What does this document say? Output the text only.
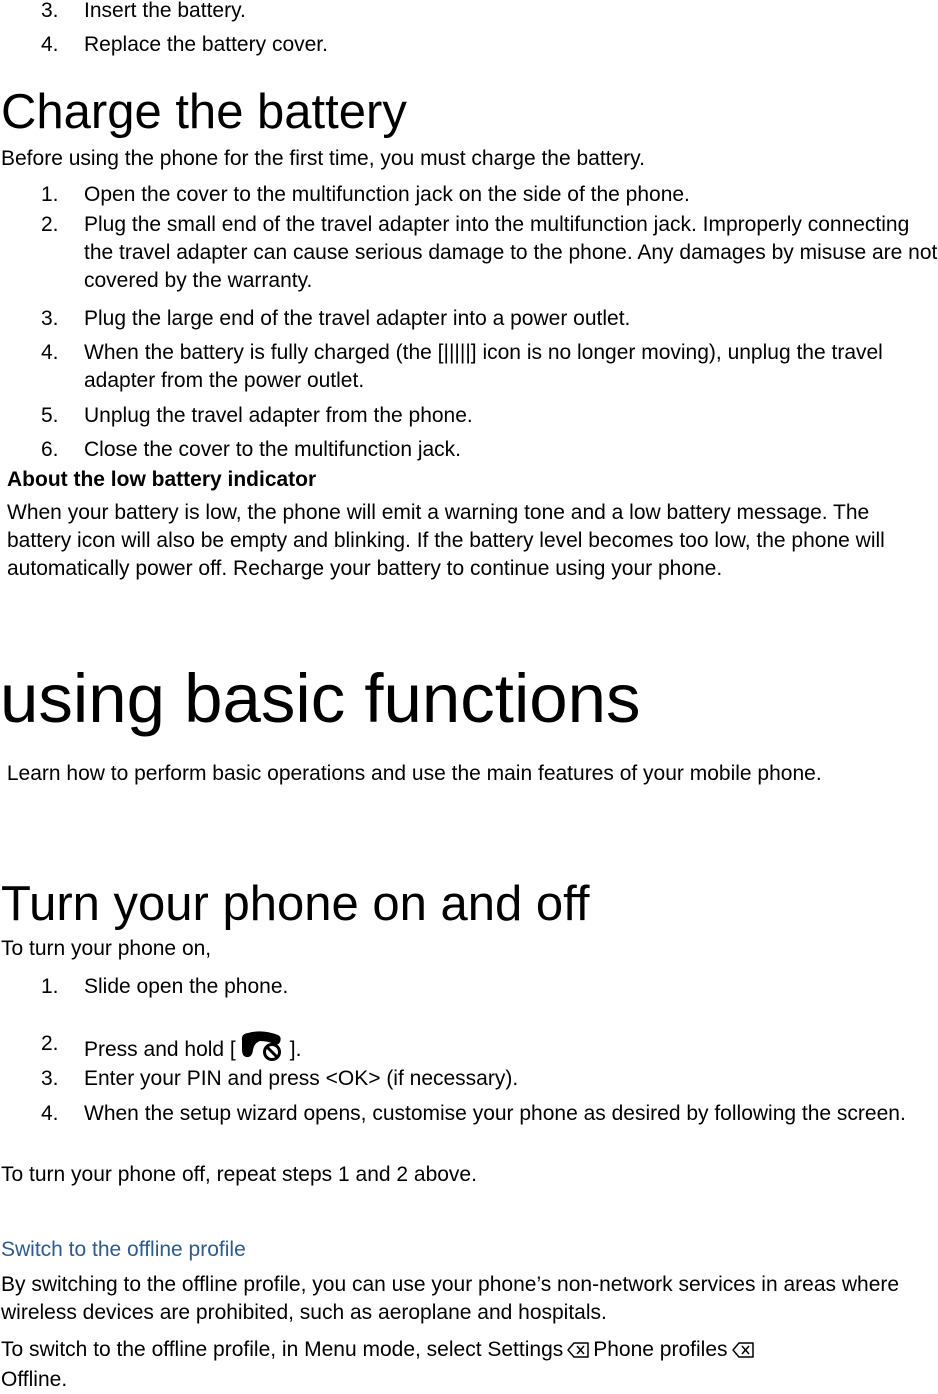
3. Insert the battery.
4. Replace the battery cover.
Charge the battery

Before using the phone for the first time, you must charge the battery.

1. Open the cover to the multifunction jack on the side of the phone.
2. Plug the small end of the travel adapter into the multifunction jack. Improperly connecting the travel adapter can cause serious damage to the phone. Any damages by misuse are not covered by the warranty.
3. Plug the large end of the travel adapter into a power outlet.
4. When the battery is fully charged (the [|||||] icon is no longer moving), unplug the travel adapter from the power outlet.
5. Unplug the travel adapter from the phone.
6. Close the cover to the multifunction jack.
About the low battery indicator

When your battery is low, the phone will emit a warning tone and a low battery message. The battery icon will also be empty and blinking. If the battery level becomes too low, the phone will automatically power off. Recharge your battery to continue using your phone.

using basic functions

Learn how to perform basic operations and use the main features of your mobile phone.

Turn your phone on and off

To turn your phone on,

1. Slide open the phone.
2. Press and hold [	].
3. Enter your PIN and press <OK> (if necessary).
4. When the setup wizard opens, customise your phone as desired by following the screen.

To turn your phone off, repeat steps 1 and 2 above.

Switch to the offline profile

By switching to the offline profile, you can use your phone’s non-network services in areas where wireless devices are prohibited, such as aeroplane and hospitals.

To switch to the offline profile, in Menu mode, select Settings Phone profiles
Offline.
